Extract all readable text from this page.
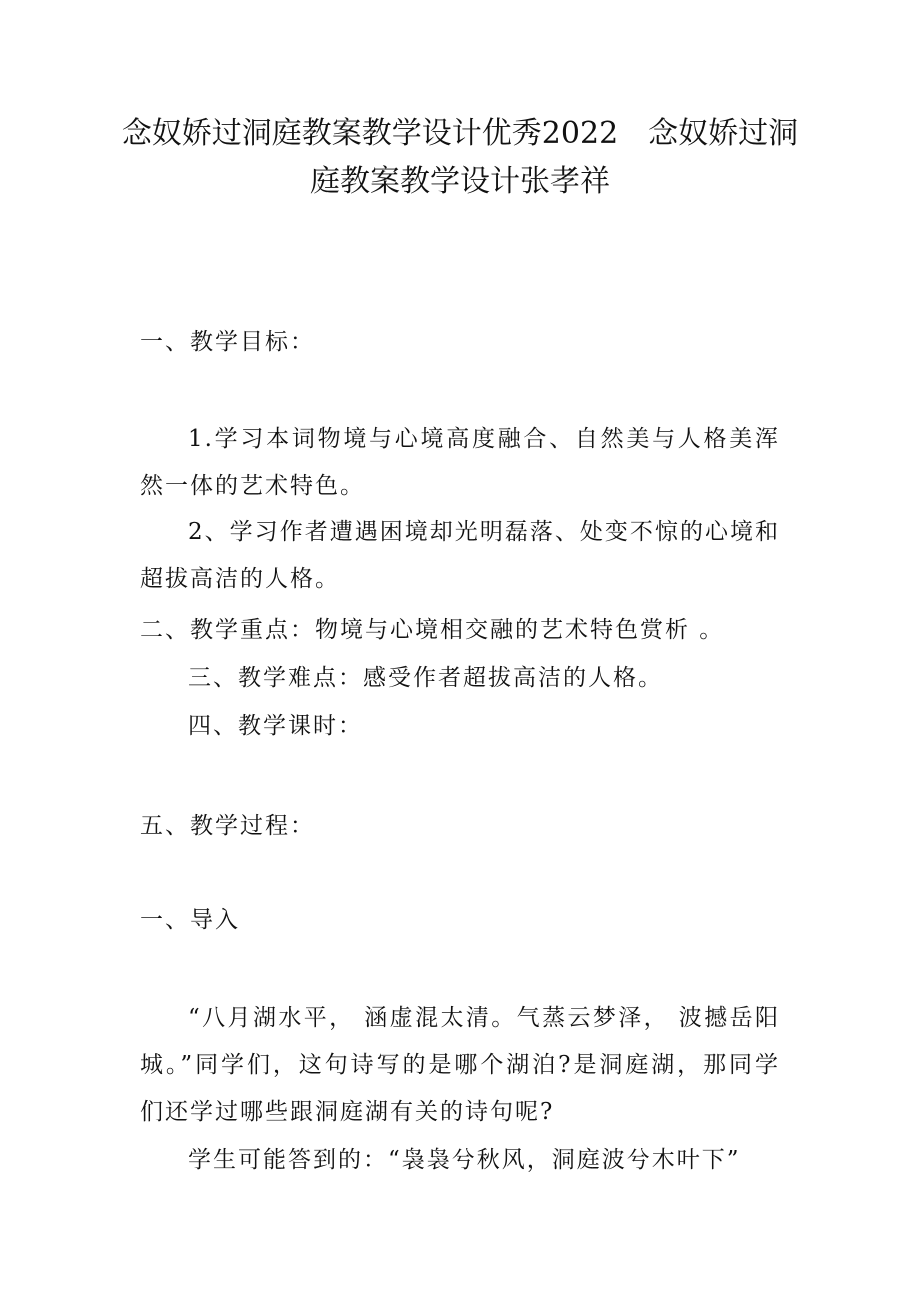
念奴娇过洞庭教案教学设计优秀2022　念奴娇过洞
庭教案教学设计张孝祥
一、教学目标：
1.学习本词物境与心境高度融合、自然美与人格美浑然一体的艺术特色。
2、学习作者遭遇困境却光明磊落、处变不惊的心境和超拔高洁的人格。
二、教学重点：物境与心境相交融的艺术特色赏析 。
三、教学难点：感受作者超拔高洁的人格。
四、教学课时：
五、教学过程：
一、导入
“八月湖水平， 涵虚混太清。气蒸云梦泽， 波撼岳阳城。”同学们，这句诗写的是哪个湖泊?是洞庭湖，那同学们还学过哪些跟洞庭湖有关的诗句呢?
学生可能答到的：“袅袅兮秋风，洞庭波兮木叶下”
